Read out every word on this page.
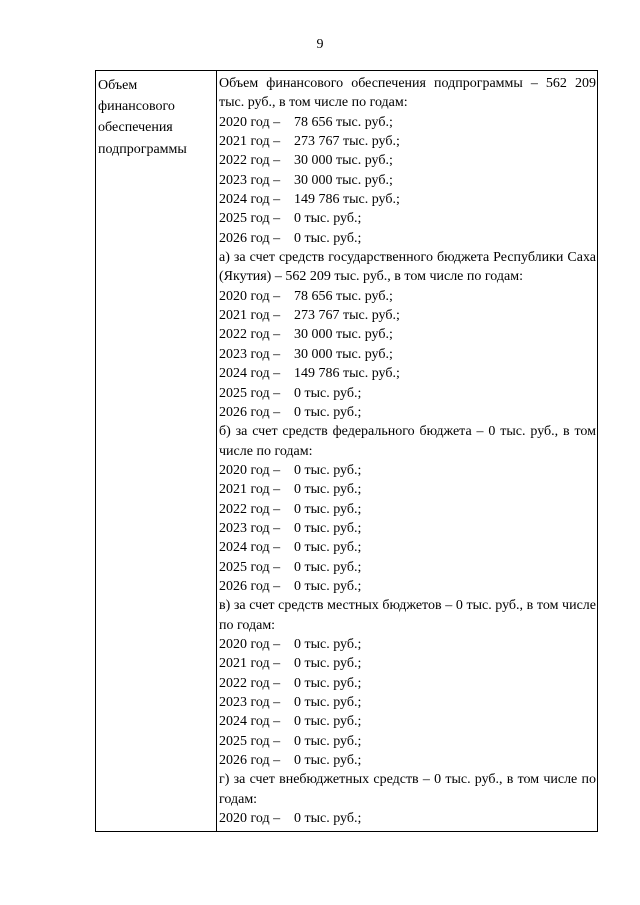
9
Объем
финансового
обеспечения
подпрограммы
Объем финансового обеспечения подпрограммы – 562 209 тыс. руб., в том числе по годам:
2020 год – 78 656 тыс. руб.;
2021 год – 273 767 тыс. руб.;
2022 год – 30 000 тыс. руб.;
2023 год – 30 000 тыс. руб.;
2024 год – 149 786 тыс. руб.;
2025 год – 0 тыс. руб.;
2026 год – 0 тыс. руб.;
а) за счет средств государственного бюджета Республики Саха (Якутия) – 562 209 тыс. руб., в том числе по годам:
2020 год – 78 656 тыс. руб.;
2021 год – 273 767 тыс. руб.;
2022 год – 30 000 тыс. руб.;
2023 год – 30 000 тыс. руб.;
2024 год – 149 786 тыс. руб.;
2025 год – 0 тыс. руб.;
2026 год – 0 тыс. руб.;
б) за счет средств федерального бюджета – 0 тыс. руб., в том числе по годам:
2020 год – 0 тыс. руб.;
2021 год – 0 тыс. руб.;
2022 год – 0 тыс. руб.;
2023 год – 0 тыс. руб.;
2024 год – 0 тыс. руб.;
2025 год – 0 тыс. руб.;
2026 год – 0 тыс. руб.;
в) за счет средств местных бюджетов – 0 тыс. руб., в том числе по годам:
2020 год – 0 тыс. руб.;
2021 год – 0 тыс. руб.;
2022 год – 0 тыс. руб.;
2023 год – 0 тыс. руб.;
2024 год – 0 тыс. руб.;
2025 год – 0 тыс. руб.;
2026 год – 0 тыс. руб.;
г) за счет внебюджетных средств – 0 тыс. руб., в том числе по годам:
2020 год – 0 тыс. руб.;
